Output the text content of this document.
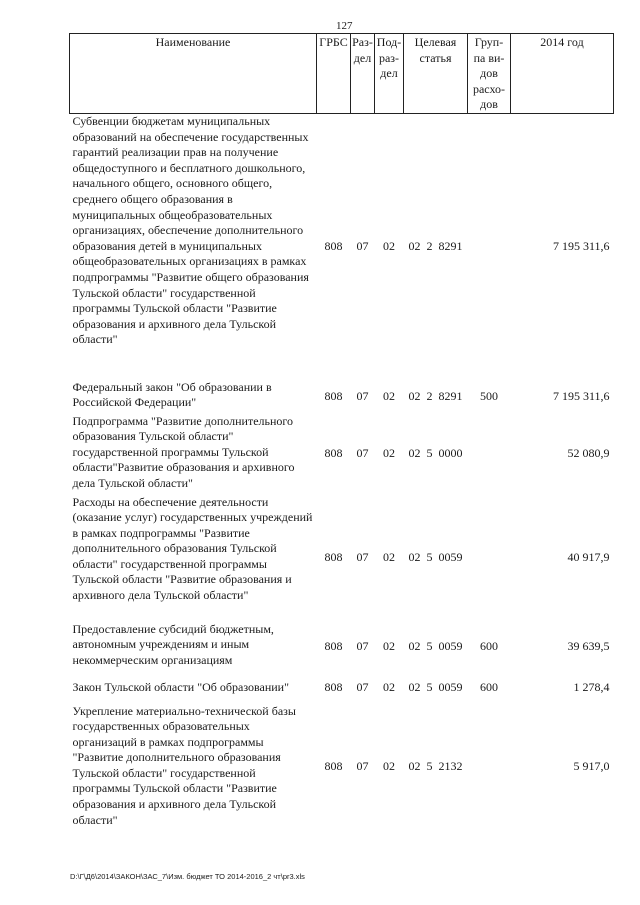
127
Наименование	ГРБС	Раз-дел	Под-раз-дел	Целевая статья	Груп-па ви-дов расхо-дов	2014 год
Субвенции бюджетам муниципальных образований на обеспечение государственных гарантий реализации прав на получение общедоступного и бесплатного дошкольного, начального общего, основного общего, среднего общего образования в муниципальных общеобразовательных организациях, обеспечение дополнительного образования детей в муниципальных общеобразовательных организациях в рамках подпрограммы "Развитие общего образования Тульской области" государственной программы Тульской области "Развитие образования и архивного дела Тульской области"	808	07	02	02 2 8291		7 195 311,6
Федеральный закон "Об образовании в Российской Федерации"	808	07	02	02 2 8291	500	7 195 311,6
Подпрограмма "Развитие дополнительного образования Тульской области" государственной программы Тульской области"Развитие образования и архивного дела Тульской области"	808	07	02	02 5 0000		52 080,9
Расходы на обеспечение деятельности (оказание услуг) государственных учреждений в рамках подпрограммы "Развитие дополнительного образования Тульской области" государственной программы Тульской области "Развитие образования и архивного дела Тульской области"	808	07	02	02 5 0059		40 917,9
Предоставление субсидий бюджетным, автономным учреждениям и иным некоммерческим организациям	808	07	02	02 5 0059	600	39 639,5
Закон Тульской области "Об образовании"	808	07	02	02 5 0059	600	1 278,4
Укрепление материально-технической базы государственных образовательных организаций в рамках подпрограммы "Развитие дополнительного образования Тульской области" государственной программы Тульской области "Развитие образования и архивного дела Тульской области"	808	07	02	02 5 2132		5 917,0
D:\Г\Д6\2014\ЗАКОН\ЗАС_7\Изм. бюджет ТО 2014-2016_2 чт\pr3.xls
